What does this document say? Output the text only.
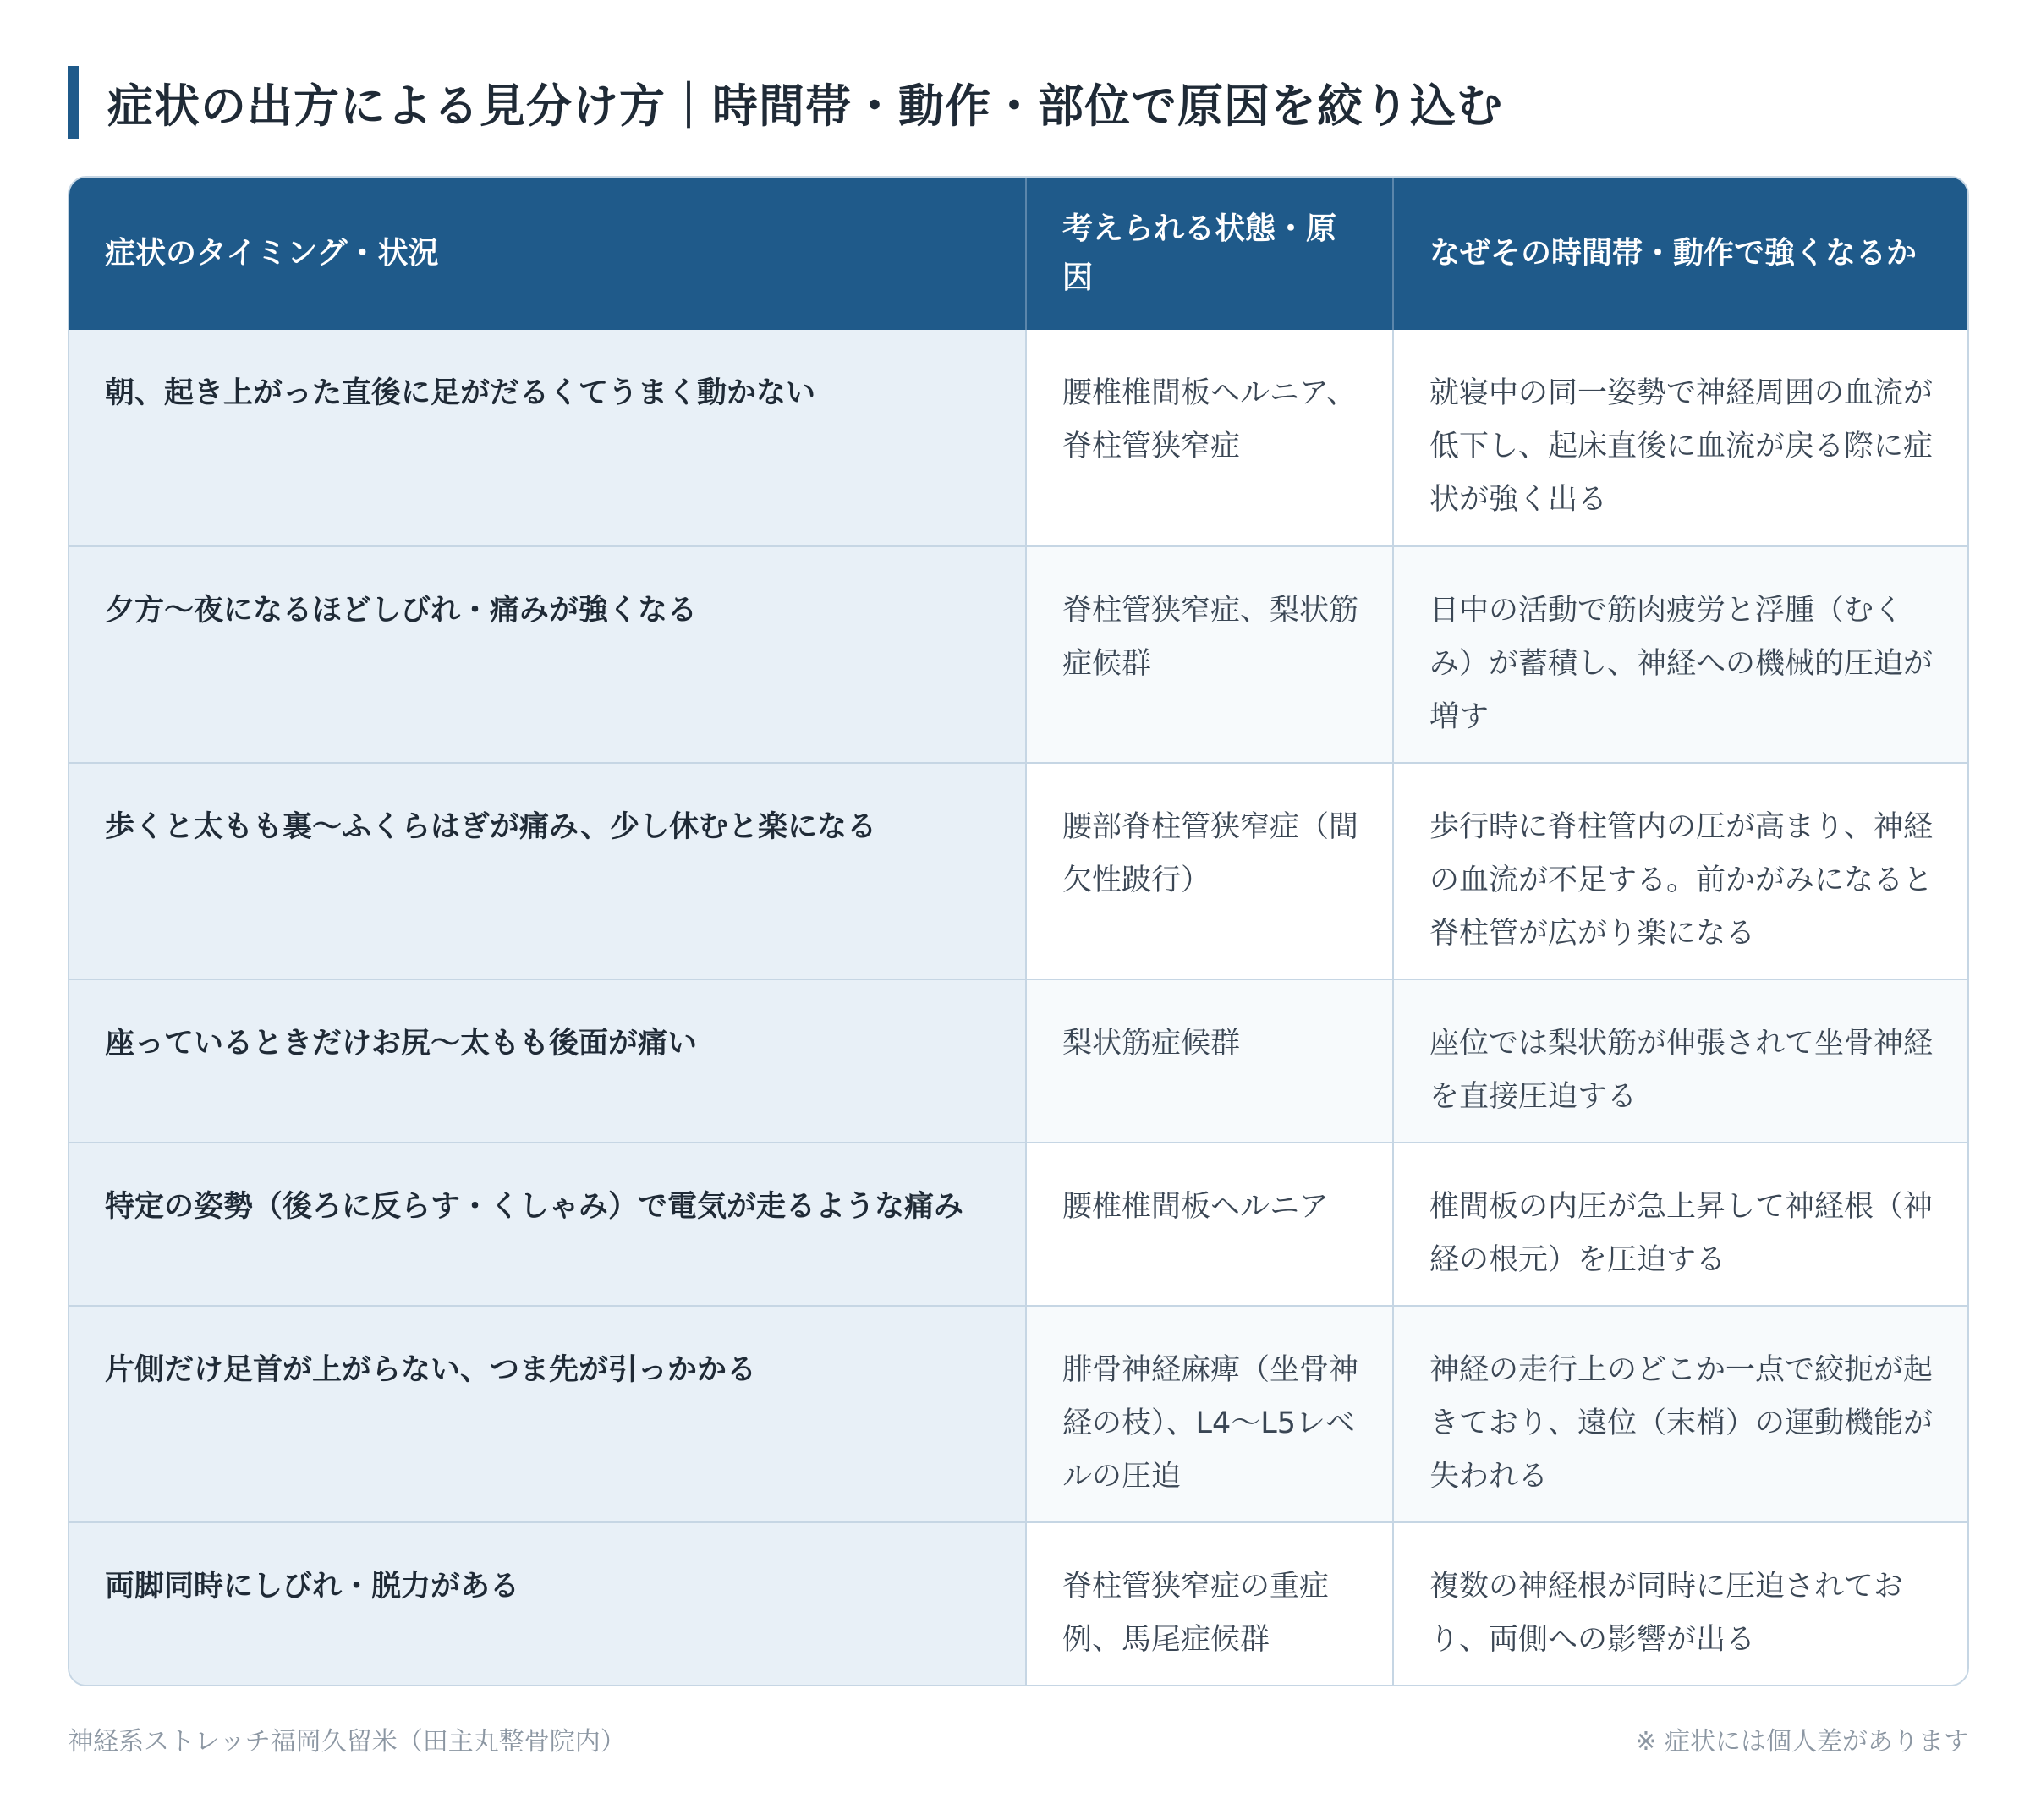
症状の出方による見分け方｜時間帯・動作・部位で原因を絞り込む
症状のタイミング・状況	考えられる状態・原因	なぜその時間帯・動作で強くなるか
朝、起き上がった直後に足がだるくてうまく動かない	腰椎椎間板ヘルニア、脊柱管狭窄症	就寝中の同一姿勢で神経周囲の血流が低下し、起床直後に血流が戻る際に症状が強く出る
夕方〜夜になるほどしびれ・痛みが強くなる	脊柱管狭窄症、梨状筋症候群	日中の活動で筋肉疲労と浮腫（むくみ）が蓄積し、神経への機械的圧迫が増す
歩くと太もも裏〜ふくらはぎが痛み、少し休むと楽になる	腰部脊柱管狭窄症（間欠性跛行）	歩行時に脊柱管内の圧が高まり、神経の血流が不足する。前かがみになると脊柱管が広がり楽になる
座っているときだけお尻〜太もも後面が痛い	梨状筋症候群	座位では梨状筋が伸張されて坐骨神経を直接圧迫する
特定の姿勢（後ろに反らす・くしゃみ）で電気が走るような痛み	腰椎椎間板ヘルニア	椎間板の内圧が急上昇して神経根（神経の根元）を圧迫する
片側だけ足首が上がらない、つま先が引っかかる	腓骨神経麻痺（坐骨神経の枝）、L4〜L5レベルの圧迫	神経の走行上のどこか一点で絞扼が起きており、遠位（末梢）の運動機能が失われる
両脚同時にしびれ・脱力がある	脊柱管狭窄症の重症例、馬尾症候群	複数の神経根が同時に圧迫されており、両側への影響が出る
神経系ストレッチ福岡久留米（田主丸整骨院内）	※ 症状には個人差があります
